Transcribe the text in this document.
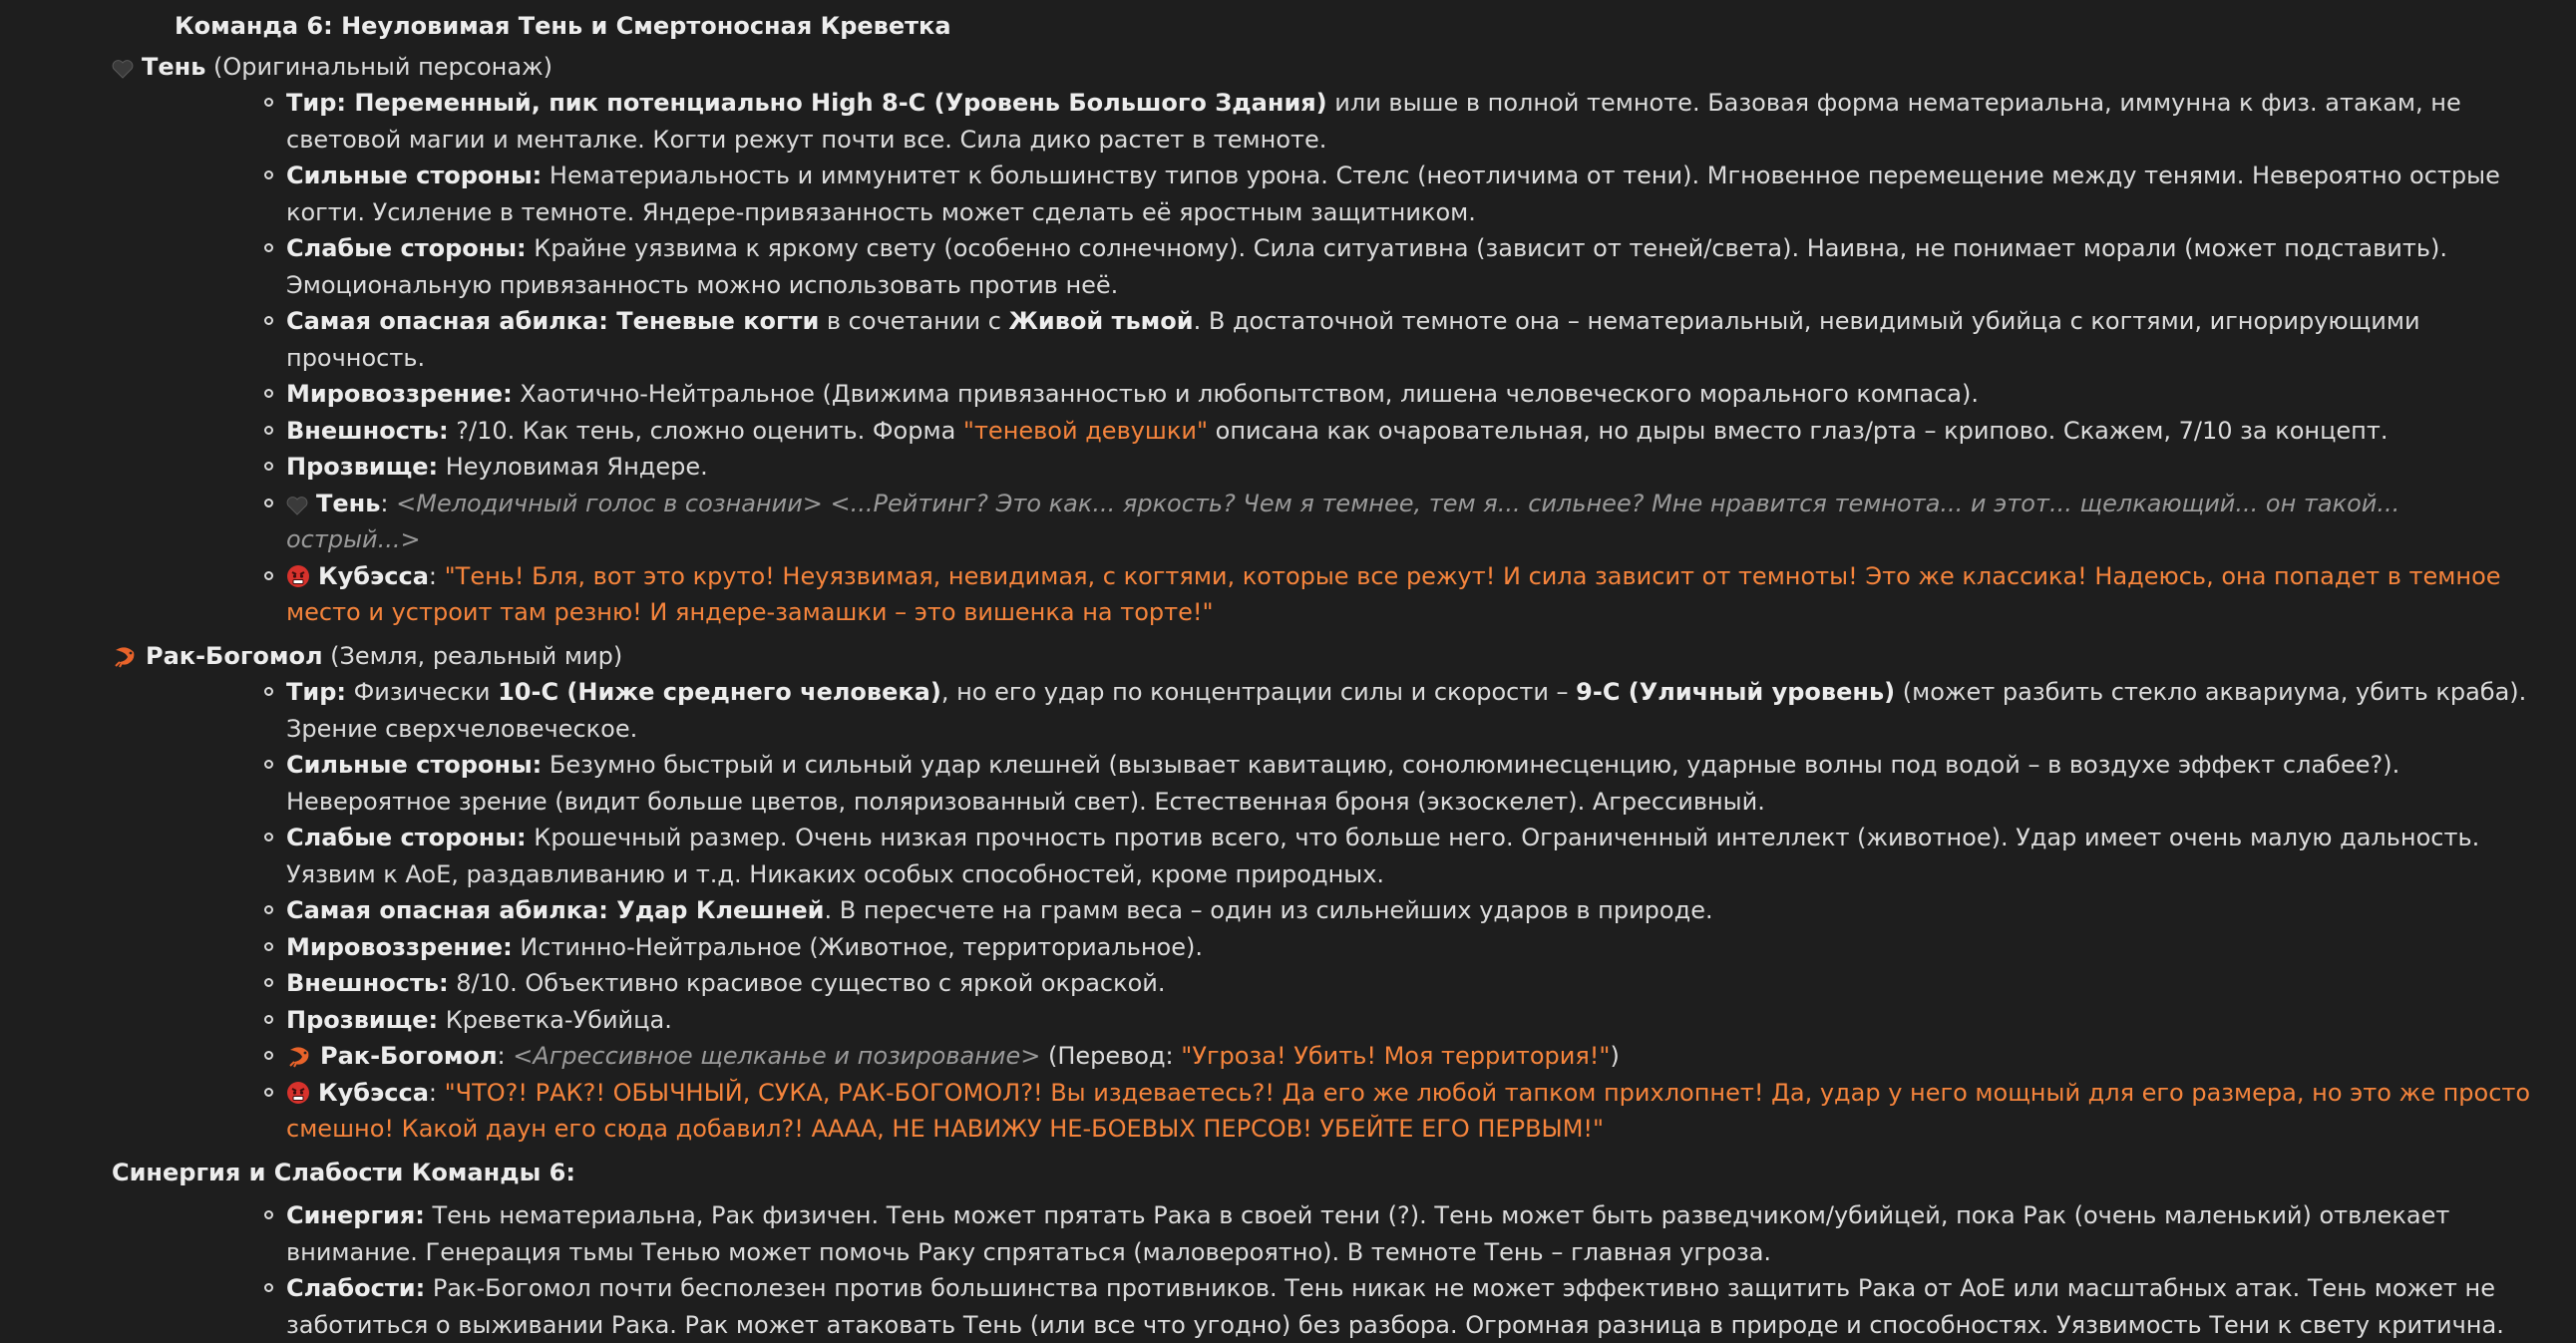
Команда 6: Неуловимая Тень и Смертоносная Креветка
Тень (Оригинальный персонаж)
Тир: Переменный, пик потенциально High 8-C (Уровень Большого Здания) или выше в полной темноте. Базовая форма нематериальна, иммунна к физ. атакам, не световой магии и менталке. Когти режут почти все. Сила дико растет в темноте.
Сильные стороны: Нематериальность и иммунитет к большинству типов урона. Стелс (неотличима от тени). Мгновенное перемещение между тенями. Невероятно острые когти. Усиление в темноте. Яндере-привязанность может сделать её яростным защитником.
Слабые стороны: Крайне уязвима к яркому свету (особенно солнечному). Сила ситуативна (зависит от теней/света). Наивна, не понимает морали (может подставить). Эмоциональную привязанность можно использовать против неё.
Самая опасная абилка: Теневые когти в сочетании с Живой тьмой. В достаточной темноте она – нематериальный, невидимый убийца с когтями, игнорирующими прочность.
Мировоззрение: Хаотично-Нейтральное (Движима привязанностью и любопытством, лишена человеческого морального компаса).
Внешность: ?/10. Как тень, сложно оценить. Форма "теневой девушки" описана как очаровательная, но дыры вместо глаз/рта – крипово. Скажем, 7/10 за концепт.
Прозвище: Неуловимая Яндере.
Тень: <Мелодичный голос в сознании> <...Рейтинг? Это как... яркость? Чем я темнее, тем я... сильнее? Мне нравится темнота... и этот... щелкающий... он такой... острый...>
Кубэсса: "Тень! Бля, вот это круто! Неуязвимая, невидимая, с когтями, которые все режут! И сила зависит от темноты! Это же классика! Надеюсь, она попадет в темное место и устроит там резню! И яндере-замашки – это вишенка на торте!"
Рак-Богомол (Земля, реальный мир)
Тир: Физически 10-C (Ниже среднего человека), но его удар по концентрации силы и скорости – 9-C (Уличный уровень) (может разбить стекло аквариума, убить краба). Зрение сверхчеловеческое.
Сильные стороны: Безумно быстрый и сильный удар клешней (вызывает кавитацию, сонолюминесценцию, ударные волны под водой – в воздухе эффект слабее?). Невероятное зрение (видит больше цветов, поляризованный свет). Естественная броня (экзоскелет). Агрессивный.
Слабые стороны: Крошечный размер. Очень низкая прочность против всего, что больше него. Ограниченный интеллект (животное). Удар имеет очень малую дальность. Уязвим к AoE, раздавливанию и т.д. Никаких особых способностей, кроме природных.
Самая опасная абилка: Удар Клешней. В пересчете на грамм веса – один из сильнейших ударов в природе.
Мировоззрение: Истинно-Нейтральное (Животное, территориальное).
Внешность: 8/10. Объективно красивое существо с яркой окраской.
Прозвище: Креветка-Убийца.
Рак-Богомол: <Агрессивное щелканье и позирование> (Перевод: "Угроза! Убить! Моя территория!")
Кубэсса: "ЧТО?! РАК?! ОБЫЧНЫЙ, СУКА, РАК-БОГОМОЛ?! Вы издеваетесь?! Да его же любой тапком прихлопнет! Да, удар у него мощный для его размера, но это же просто смешно! Какой даун его сюда добавил?! АААА, НЕ НАВИЖУ НЕ-БОЕВЫХ ПЕРСОВ! УБЕЙТЕ ЕГО ПЕРВЫМ!"
Синергия и Слабости Команды 6:
Синергия: Тень нематериальна, Рак физичен. Тень может прятать Рака в своей тени (?). Тень может быть разведчиком/убийцей, пока Рак (очень маленький) отвлекает внимание. Генерация тьмы Тенью может помочь Раку спрятаться (маловероятно). В темноте Тень – главная угроза.
Слабости: Рак-Богомол почти бесполезен против большинства противников. Тень никак не может эффективно защитить Рака от AoE или масштабных атак. Тень может не заботиться о выживании Рака. Рак может атаковать Тень (или все что угодно) без разбора. Огромная разница в природе и способностях. Уязвимость Тени к свету критична.
